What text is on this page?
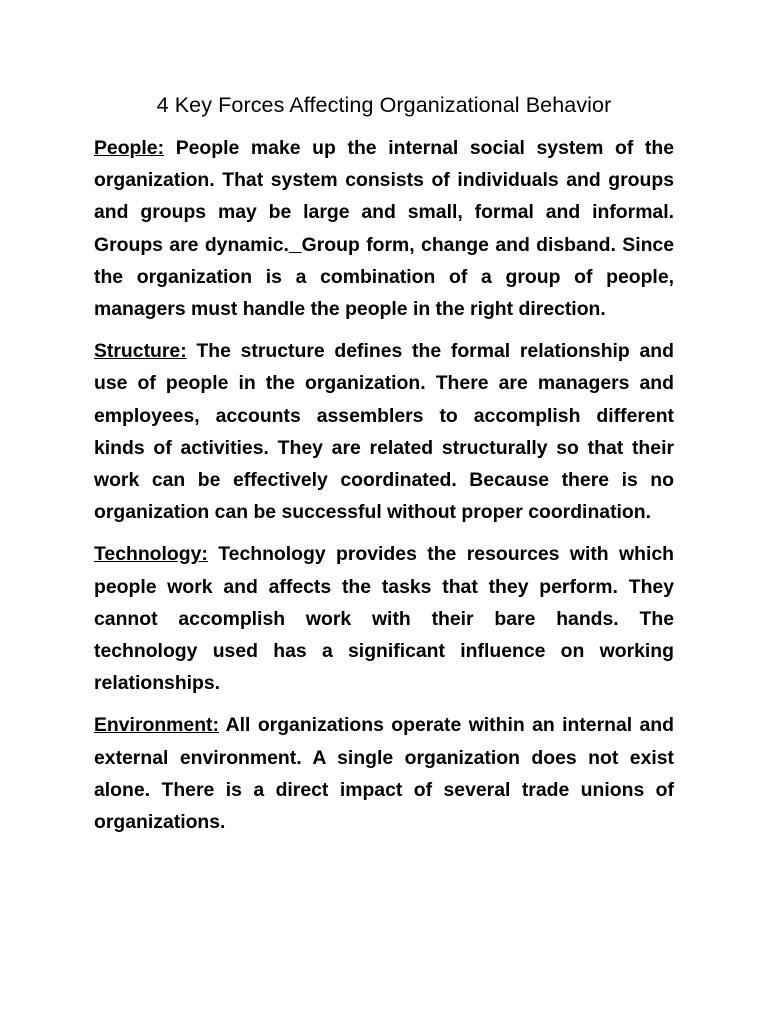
4 Key Forces Affecting Organizational Behavior

People: People make up the internal social system of the organization. That system consists of individuals and groups and groups may be large and small, formal and informal. Groups are dynamic. Group form, change and disband. Since the organization is a combination of a group of people, managers must handle the people in the right direction.

Structure: The structure defines the formal relationship and use of people in the organization. There are managers and employees, accounts assemblers to accomplish different kinds of activities. They are related structurally so that their work can be effectively coordinated. Because there is no organization can be successful without proper coordination.

Technology: Technology provides the resources with which people work and affects the tasks that they perform. They cannot accomplish work with their bare hands. The technology used has a significant influence on working relationships.

Environment: All organizations operate within an internal and external environment. A single organization does not exist alone. There is a direct impact of several trade unions of organizations.
